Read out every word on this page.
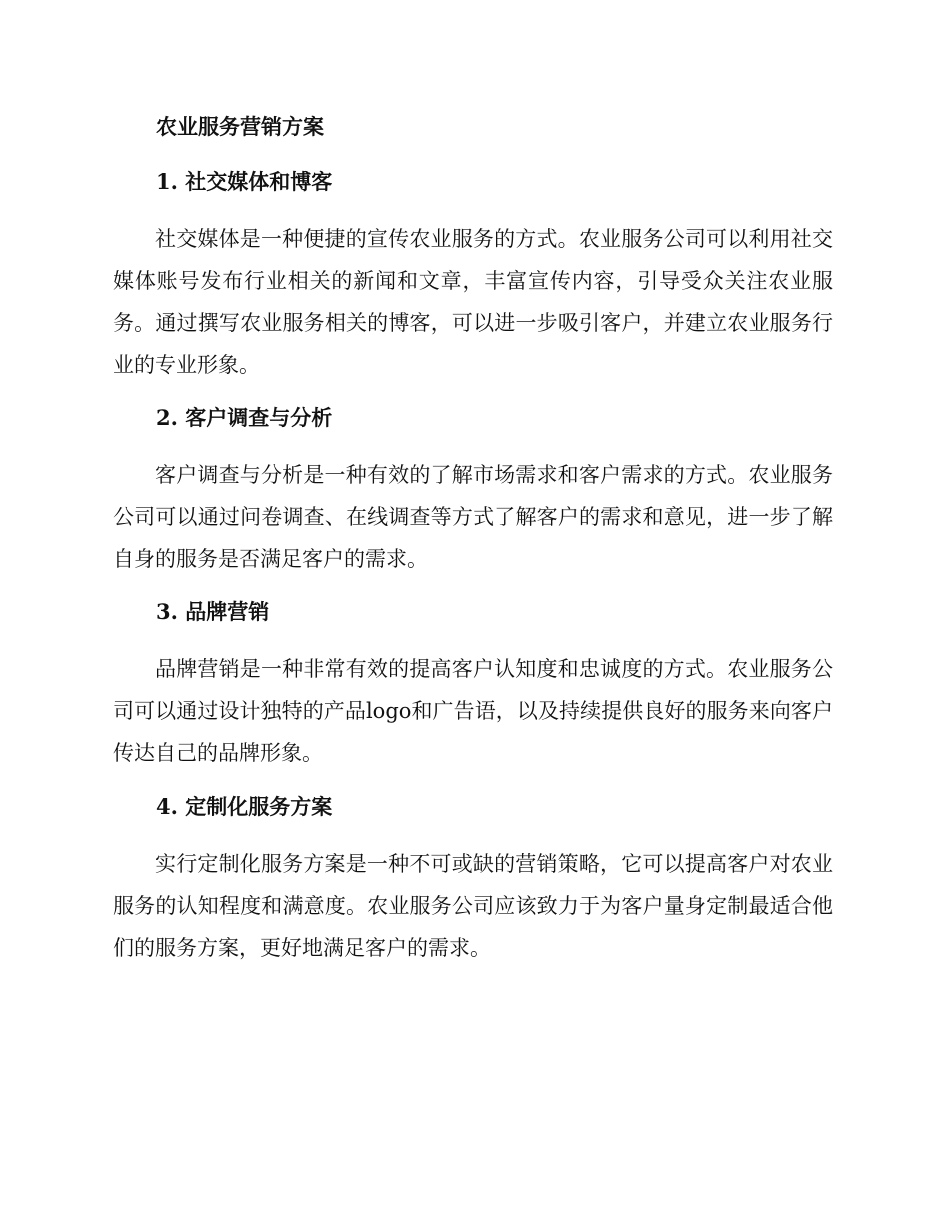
农业服务营销方案
1. 社交媒体和博客

社交媒体是一种便捷的宣传农业服务的方式。农业服务公司可以利用社交媒体账号发布行业相关的新闻和文章，丰富宣传内容，引导受众关注农业服务。通过撰写农业服务相关的博客，可以进一步吸引客户，并建立农业服务行业的专业形象。

2. 客户调查与分析

客户调查与分析是一种有效的了解市场需求和客户需求的方式。农业服务公司可以通过问卷调查、在线调查等方式了解客户的需求和意见，进一步了解自身的服务是否满足客户的需求。

3. 品牌营销

品牌营销是一种非常有效的提高客户认知度和忠诚度的方式。农业服务公司可以通过设计独特的产品logo和广告语，以及持续提供良好的服务来向客户传达自己的品牌形象。

4. 定制化服务方案

实行定制化服务方案是一种不可或缺的营销策略，它可以提高客户对农业服务的认知程度和满意度。农业服务公司应该致力于为客户量身定制最适合他们的服务方案，更好地满足客户的需求。
